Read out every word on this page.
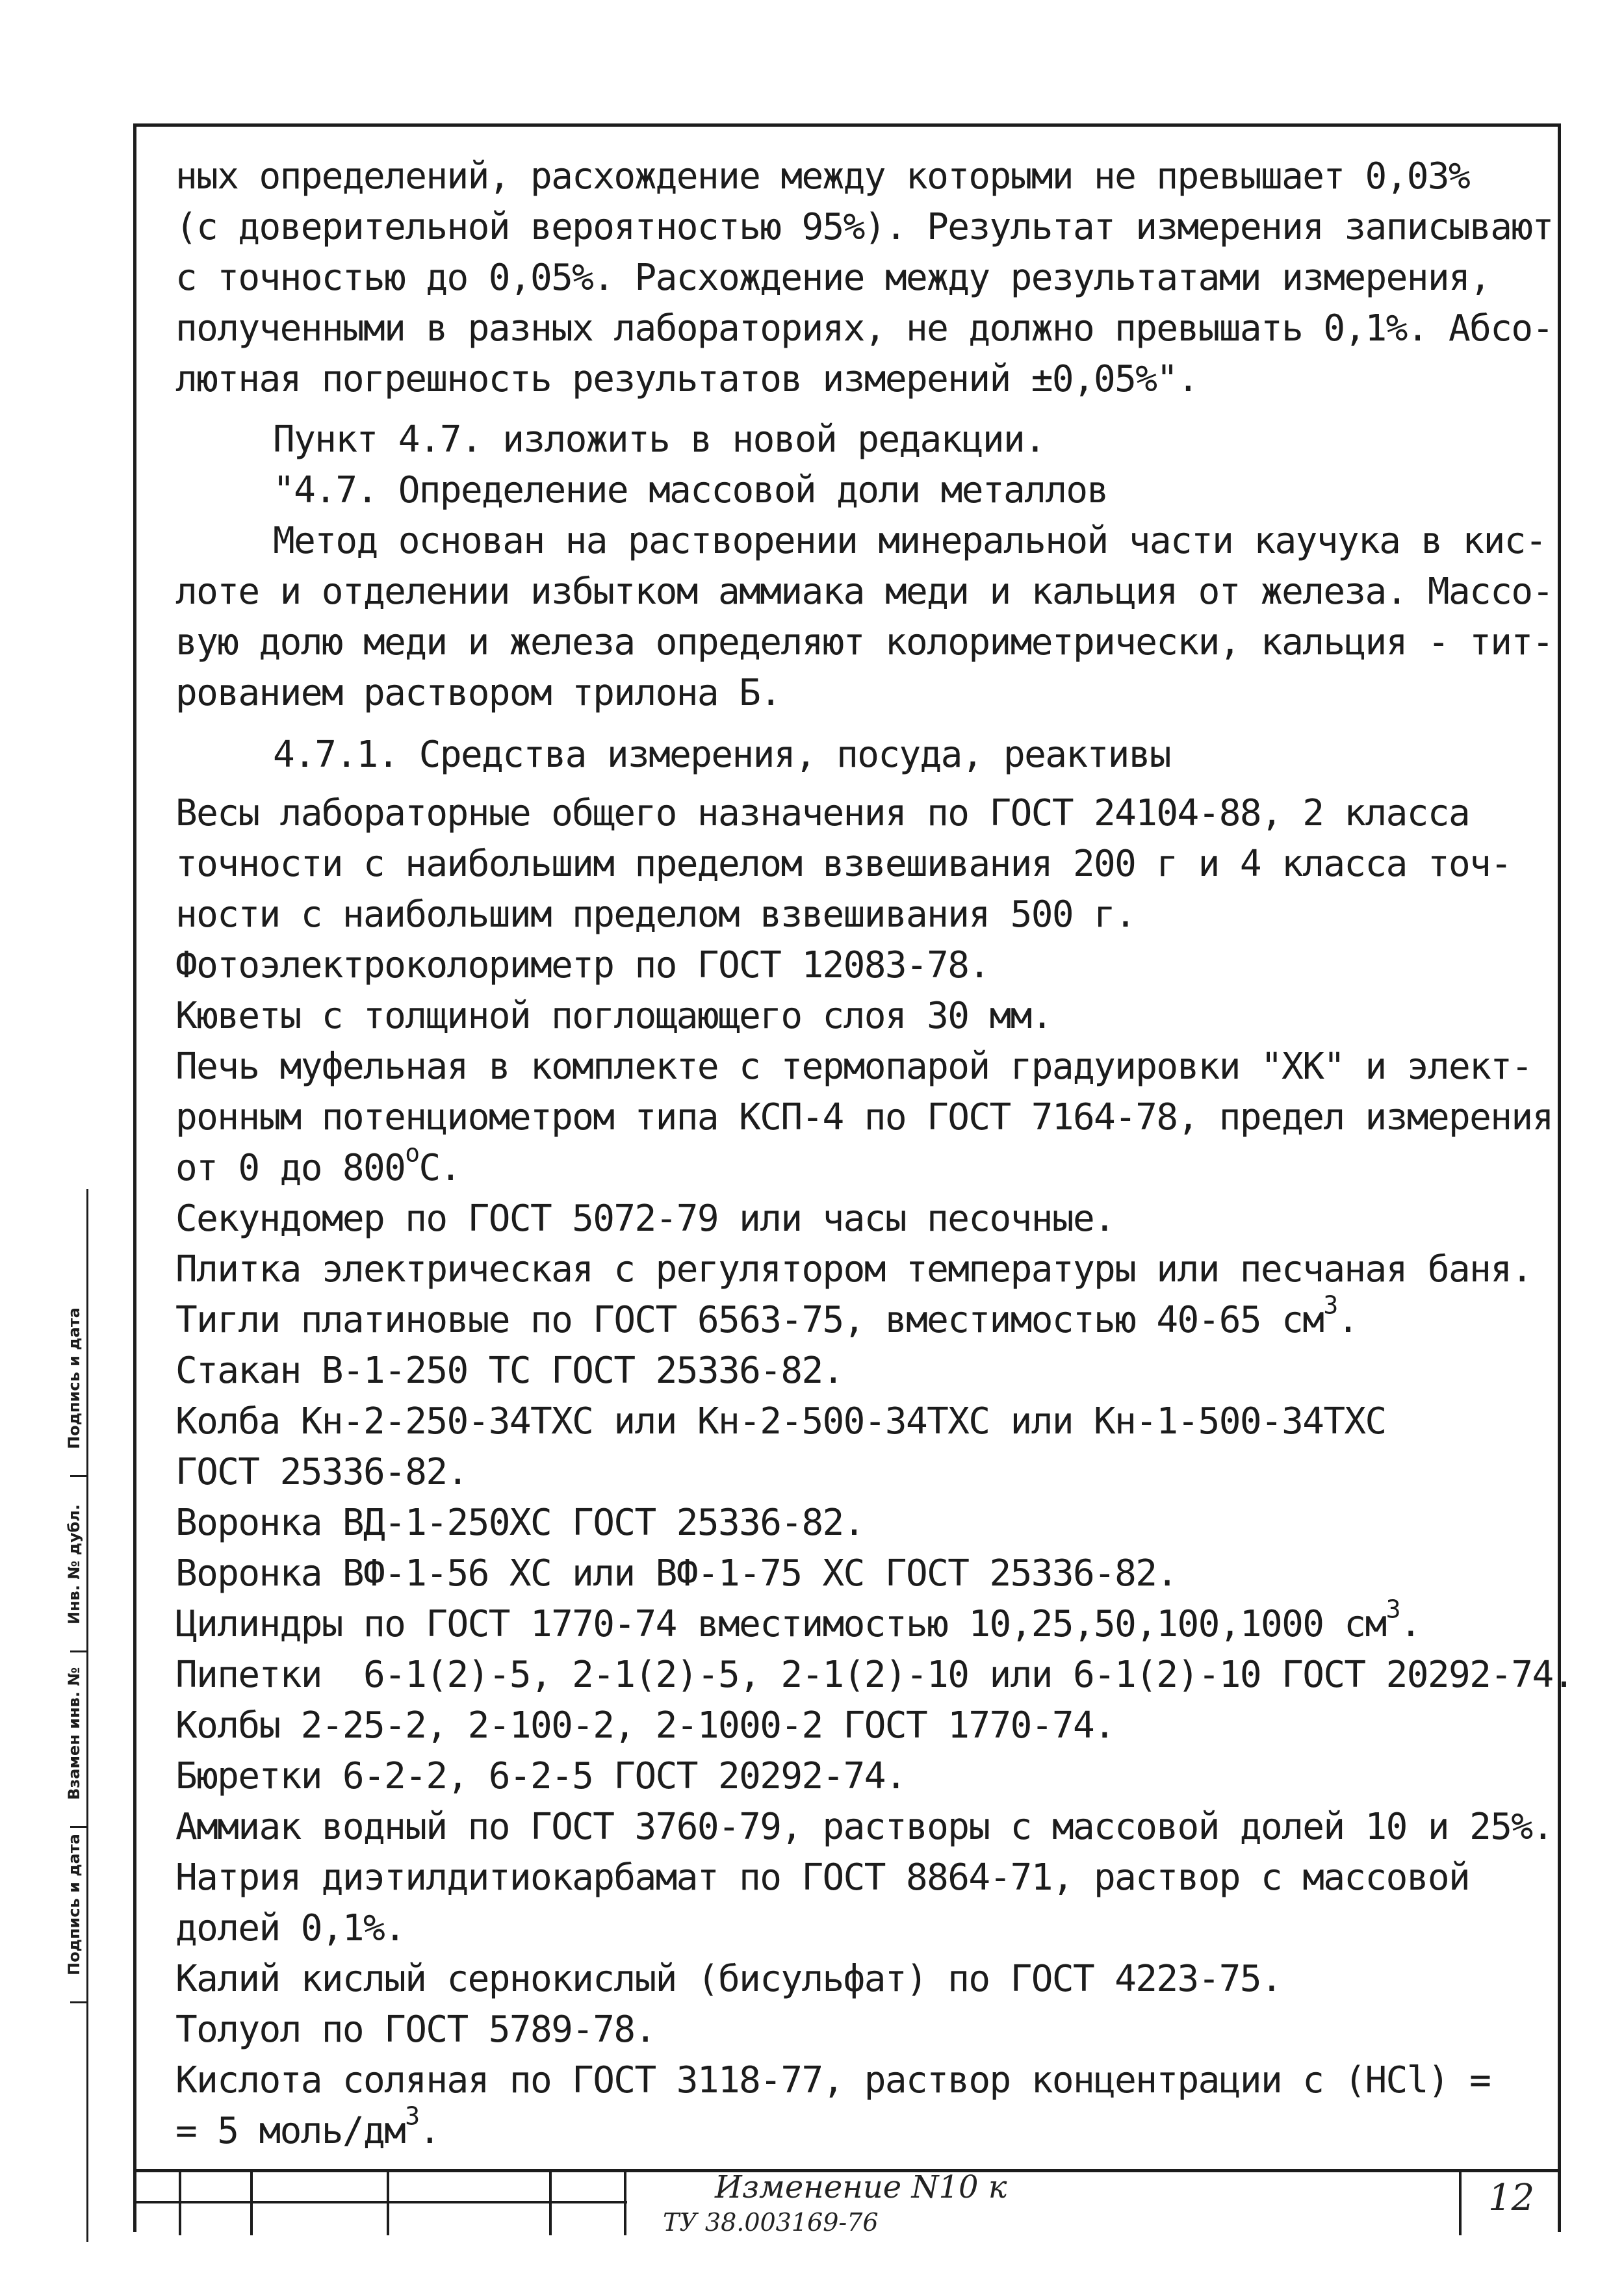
ных определений, расхождение между которыми не превышает 0,03%
(с доверительной вероятностью 95%). Результат измерения записывают
с точностью до 0,05%. Расхождение между результатами измерения,
полученными в разных лабораториях, не должно превышать 0,1%. Абсо-
лютная погрешность результатов измерений ±0,05%".
Пункт 4.7. изложить в новой редакции.
"4.7. Определение массовой доли металлов
Метод основан на растворении минеральной части каучука в кис-
лоте и отделении избытком аммиака меди и кальция от железа. Массо-
вую долю меди и железа определяют колориметрически, кальция - тит-
рованием раствором трилона Б.
4.7.1. Средства измерения, посуда, реактивы
Весы лабораторные общего назначения по ГОСТ 24104-88, 2 класса
точности с наибольшим пределом взвешивания 200 г и 4 класса точ-
ности с наибольшим пределом взвешивания 500 г.
Фотоэлектроколориметр по ГОСТ 12083-78.
Кюветы с толщиной поглощающего слоя 30 мм.
Печь муфельная в комплекте с термопарой градуировки "ХК" и элект-
ронным потенциометром типа КСП-4 по ГОСТ 7164-78, предел измерения
от 0 до $800^оС$.
Секундомер по ГОСТ 5072-79 или часы песочные.
Плитка электрическая с регулятором температуры или песчаная баня.
Тигли платиновые по ГОСТ 6563-75, вместимостью 40-65 $см^3$.
Стакан В-1-250 ТС ГОСТ 25336-82.
Колба Кн-2-250-34ТХС или Кн-2-500-34ТХС или Кн-1-500-34ТХС
ГОСТ 25336-82.
Воронка ВД-1-250ХС ГОСТ 25336-82.
Воронка ВФ-1-56 ХС или ВФ-1-75 ХС ГОСТ 25336-82.
Цилиндры по ГОСТ 1770-74 вместимостью 10,25,50,100,1000 $см^3$.
Пипетки  6-1(2)-5, 2-1(2)-5, 2-1(2)-10 или 6-1(2)-10 ГОСТ 20292-74.
Колбы 2-25-2, 2-100-2, 2-1000-2 ГОСТ 1770-74.
Бюретки 6-2-2, 6-2-5 ГОСТ 20292-74.
Аммиак водный по ГОСТ 3760-79, растворы с массовой долей 10 и 25%.
Натрия диэтилдитиокарбамат по ГОСТ 8864-71, раствор с массовой
долей 0,1%.
Калий кислый сернокислый (бисульфат) по ГОСТ 4223-75.
Толуол по ГОСТ 5789-78.
Кислота соляная по ГОСТ 3118-77, раствор концентрации с (HCl) =
= 5 моль/$дм^3$.
Подпись и дата
Инв. № дубл.
Взамен инв. №
Подпись и дата
Изменение N10 к
ТУ 38.003169-76
12
